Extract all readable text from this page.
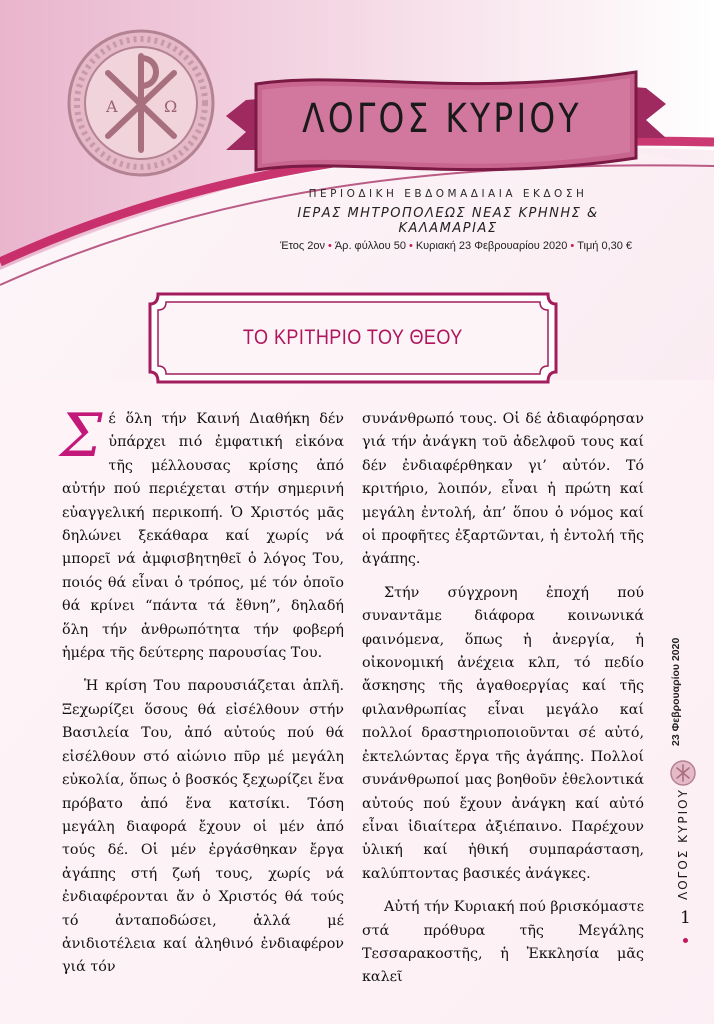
Α	Ω	ΛΟΓΟΣ ΚΥΡΙΟΥ
ΠΕΡΙΟΔΙΚΗ ΕΒΔΟΜΑΔΙΑΙΑ ΕΚΔΟΣΗ
ΙΕΡΑΣ ΜΗΤΡΟΠΟΛΕΩΣ ΝΕΑΣ ΚΡΗΝΗΣ & ΚΑΛΑΜΑΡΙΑΣ
Έτος 2ον • Άρ. φύλλου 50 • Κυριακή 23 Φεβρουαρίου 2020 • Τιμή 0,30 €
ΤΟ ΚΡΙΤΗΡΙΟ ΤΟΥ ΘΕΟΥ

Σέ ὅλη τήν Καινή Διαθήκη δέν ὑπάρχει πιό ἐμφατική εἰκόνα τῆς μέλλουσας κρίσης ἀπό αὐτήν πού περιέχεται στήν σημερινή εὐαγγελική περικοπή. Ὁ Χριστός μᾶς δηλώνει ξεκάθαρα καί χωρίς νά μπορεῖ νά ἀμφισβητηθεῖ ὁ λόγος Του, ποιός θά εἶναι ὁ τρόπος, μέ τόν ὁποῖο θά κρίνει “πάντα τά ἔθνη”, δηλαδή ὅλη τήν ἀνθρωπότητα τήν φοβερή ἡμέρα τῆς δεύτερης παρουσίας Του.

Ἡ κρίση Του παρουσιάζεται ἁπλῆ. Ξεχωρίζει ὅσους θά εἰσέλθουν στήν Βασιλεία Του, ἀπό αὐτούς πού θά εἰσέλθουν στό αἰώνιο πῦρ μέ μεγάλη εὐκολία, ὅπως ὁ βοσκός ξεχωρίζει ἕνα πρόβατο ἀπό ἕνα κατσίκι. Τόση μεγάλη διαφορά ἔχουν οἱ μέν ἀπό τούς δέ. Οἱ μέν ἐργάσθηκαν ἔργα ἀγάπης στή ζωή τους, χωρίς νά ἐνδιαφέρονται ἄν ὁ Χριστός θά τούς τό ἀνταποδώσει, ἀλλά μέ ἀνιδιοτέλεια καί ἀληθινό ἐνδιαφέρον γιά τόν

συνάνθρωπό τους. Οἱ δέ ἀδιαφόρησαν γιά τήν ἀνάγκη τοῦ ἀδελφοῦ τους καί δέν ἐνδιαφέρθηκαν γι’ αὐτόν. Τό κριτήριο, λοιπόν, εἶναι ἡ πρώτη καί μεγάλη ἐντολή, ἀπ’ ὅπου ὁ νόμος καί οἱ προφῆτες ἐξαρτῶνται, ἡ ἐντολή τῆς ἀγάπης.

Στήν σύγχρονη ἐποχή πού συναντᾶμε διάφορα κοινωνικά φαινόμενα, ὅπως ἡ ἀνεργία, ἡ οἰκονομική ἀνέχεια κλπ, τό πεδίο ἄσκησης τῆς ἀγαθοεργίας καί τῆς φιλανθρωπίας εἶναι μεγάλο καί πολλοί δραστηριοποιοῦνται σέ αὐτό, ἐκτελώντας ἔργα τῆς ἀγάπης. Πολλοί συνάνθρωποί μας βοηθοῦν ἐθελοντικά αὐτούς πού ἔχουν ἀνάγκη καί αὐτό εἶναι ἰδιαίτερα ἀξιέπαινο. Παρέχουν ὑλική καί ἠθική συμπαράσταση, καλύπτοντας βασικές ἀνάγκες.

Αὐτή τήν Κυριακή πού βρισκόμαστε στά πρόθυρα τῆς Μεγάλης Τεσσαρακοστῆς, ἡ Ἐκκλησία μᾶς καλεῖ

23 Φεβρουαρίου 2020
ΛΟΓΟΣ ΚΥΡΙΟΥ
1
